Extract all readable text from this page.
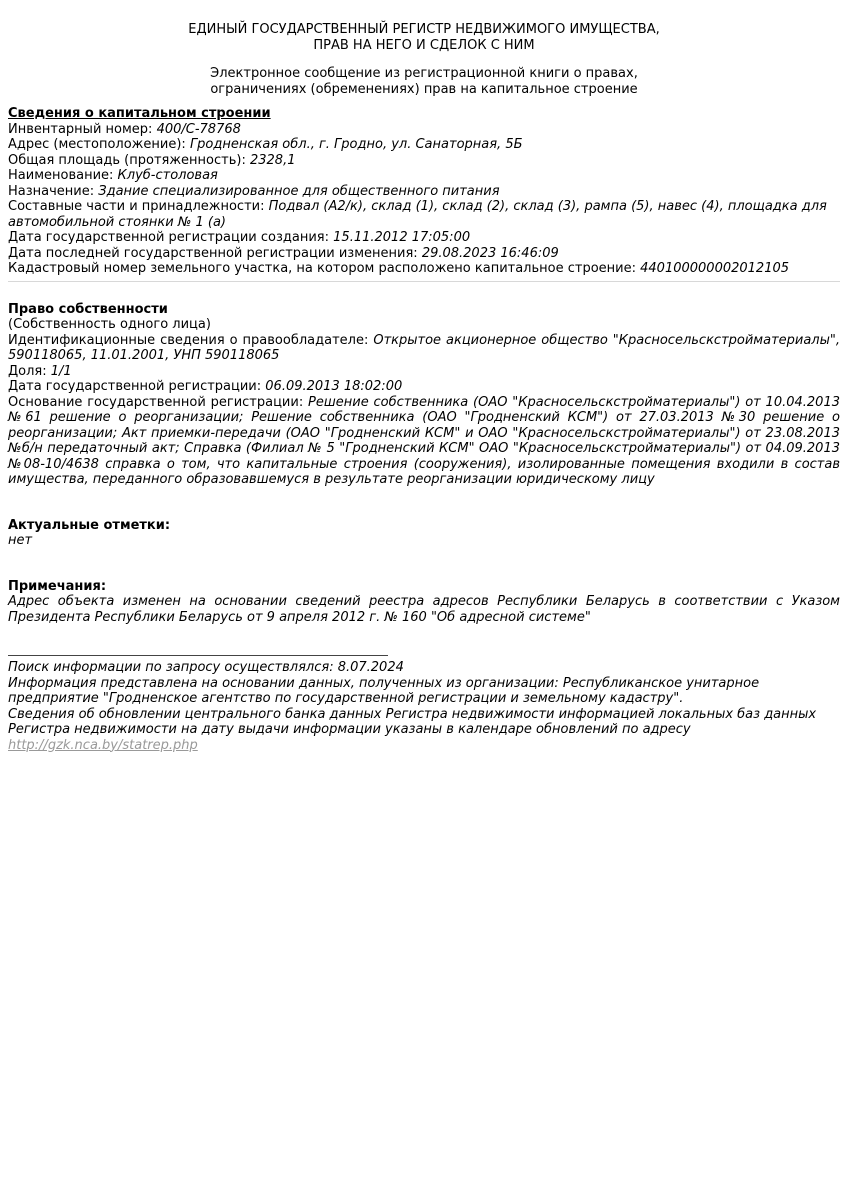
ЕДИНЫЙ ГОСУДАРСТВЕННЫЙ РЕГИСТР НЕДВИЖИМОГО ИМУЩЕСТВА,

ПРАВ НА НЕГО И СДЕЛОК С НИМ

Электронное сообщение из регистрационной книги о правах,

ограничениях (обременениях) прав на капитальное строение

Сведения о капитальном строении

Инвентарный номер: 400/С-78768

Адрес (местоположение): Гродненская обл., г. Гродно, ул. Санаторная, 5Б

Общая площадь (протяженность): 2328,1

Наименование: Клуб-столовая

Назначение: Здание специализированное для общественного питания

Составные части и принадлежности: Подвал (А2/к), склад (1), склад (2), склад (3), рампа (5), навес (4), площадка для автомобильной стоянки № 1 (а)

Дата государственной регистрации создания: 15.11.2012 17:05:00

Дата последней государственной регистрации изменения: 29.08.2023 16:46:09

Кадастровый номер земельного участка, на котором расположено капитальное строение: 440100000002012105

Право собственности

(Собственность одного лица)

Идентификационные сведения о правообладателе: Открытое акционерное общество "Красносельскстройматериалы", 590118065, 11.01.2001, УНП 590118065

Доля: 1/1

Дата государственной регистрации: 06.09.2013 18:02:00

Основание государственной регистрации: Решение собственника (ОАО "Красносельскстройматериалы") от 10.04.2013 №61 решение о реорганизации; Решение собственника (ОАО "Гродненский КСМ") от 27.03.2013 №30 решение о реорганизации; Акт приемки-передачи (ОАО "Гродненский КСМ" и ОАО "Красносельскстройматериалы") от 23.08.2013 №б/н передаточный акт; Справка (Филиал № 5 "Гродненский КСМ" ОАО "Красносельскстройматериалы") от 04.09.2013 №08-10/4638 справка о том, что капитальные строения (сооружения), изолированные помещения входили в состав имущества, переданного образовавшемуся в результате реорганизации юридическому лицу

Актуальные отметки:

нет

Примечания:

Адрес объекта изменен на основании сведений реестра адресов Республики Беларусь в соответствии с Указом Президента Республики Беларусь от 9 апреля 2012 г. № 160 "Об адресной системе"

Поиск информации по запросу осуществлялся: 8.07.2024

Информация представлена на основании данных, полученных из организации: Республиканское унитарное предприятие "Гродненское агентство по государственной регистрации и земельному кадастру".

Сведения об обновлении центрального банка данных Регистра недвижимости информацией локальных баз данных Регистра недвижимости на дату выдачи информации указаны в календаре обновлений по адресу http://gzk.nca.by/statrep.php
